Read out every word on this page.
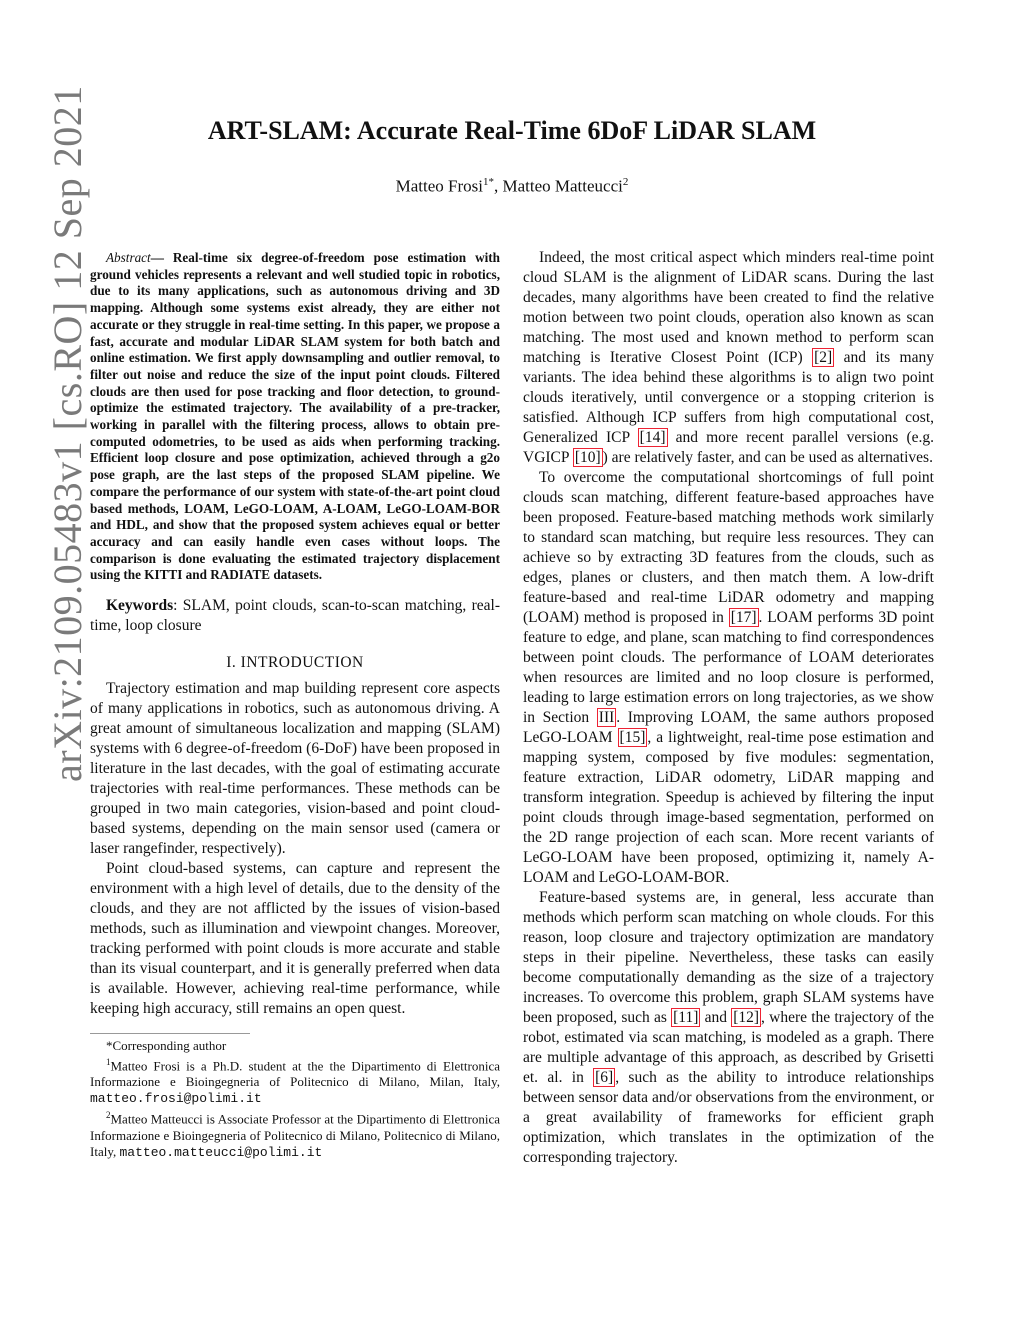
arXiv:2109.05483v1 [cs.RO] 12 Sep 2021	ART-SLAM: Accurate Real-Time 6DoF LiDAR SLAM
Matteo Frosi$^{1*}$, Matteo Matteucci$^2$

Abstract— Real-time six degree-of-freedom pose estimation with ground vehicles represents a relevant and well studied topic in robotics, due to its many applications, such as autonomous driving and 3D mapping. Although some systems exist already, they are either not accurate or they struggle in real-time setting. In this paper, we propose a fast, accurate and modular LiDAR SLAM system for both batch and online estimation. We first apply downsampling and outlier removal, to filter out noise and reduce the size of the input point clouds. Filtered clouds are then used for pose tracking and floor detection, to ground-optimize the estimated trajectory. The availability of a pre-tracker, working in parallel with the filtering process, allows to obtain pre-computed odometries, to be used as aids when performing tracking. Efficient loop closure and pose optimization, achieved through a g2o pose graph, are the last steps of the proposed SLAM pipeline. We compare the performance of our system with state-of-the-art point cloud based methods, LOAM, LeGO-LOAM, A-LOAM, LeGO-LOAM-BOR and HDL, and show that the proposed system achieves equal or better accuracy and can easily handle even cases without loops. The comparison is done evaluating the estimated trajectory displacement using the KITTI and RADIATE datasets.

Keywords: SLAM, point clouds, scan-to-scan matching, real-time, loop closure

I. INTRODUCTION

Trajectory estimation and map building represent core aspects of many applications in robotics, such as autonomous driving. A great amount of simultaneous localization and mapping (SLAM) systems with 6 degree-of-freedom (6-DoF) have been proposed in literature in the last decades, with the goal of estimating accurate trajectories with real-time performances. These methods can be grouped in two main categories, vision-based and point cloud-based systems, depending on the main sensor used (camera or laser rangefinder, respectively).

Point cloud-based systems, can capture and represent the environment with a high level of details, due to the density of the clouds, and they are not afflicted by the issues of vision-based methods, such as illumination and viewpoint changes. Moreover, tracking performed with point clouds is more accurate and stable than its visual counterpart, and it is generally preferred when data is available. However, achieving real-time performance, while keeping high accuracy, still remains an open quest.

*Corresponding author

$^1$Matteo Frosi is a Ph.D. student at the the Dipartimento di Elettronica Informazione e Bioingegneria of Politecnico di Milano, Milan, Italy, matteo.frosi@polimi.it

$^2$Matteo Matteucci is Associate Professor at the Dipartimento di Elettronica Informazione e Bioingegneria of Politecnico di Milano, Politecnico di Milano, Italy, matteo.matteucci@polimi.it

Indeed, the most critical aspect which minders real-time point cloud SLAM is the alignment of LiDAR scans. During the last decades, many algorithms have been created to find the relative motion between two point clouds, operation also known as scan matching. The most used and known method to perform scan matching is Iterative Closest Point (ICP) [2] and its many variants. The idea behind these algorithms is to align two point clouds iteratively, until convergence or a stopping criterion is satisfied. Although ICP suffers from high computational cost, Generalized ICP [14] and more recent parallel versions (e.g. VGICP [10] ) are relatively faster, and can be used as alternatives.

To overcome the computational shortcomings of full point clouds scan matching, different feature-based approaches have been proposed. Feature-based matching methods work similarly to standard scan matching, but require less resources. They can achieve so by extracting 3D features from the clouds, such as edges, planes or clusters, and then match them. A low-drift feature-based and real-time LiDAR odometry and mapping (LOAM) method is proposed in [17] . LOAM performs 3D point feature to edge, and plane, scan matching to find correspondences between point clouds. The performance of LOAM deteriorates when resources are limited and no loop closure is performed, leading to large estimation errors on long trajectories, as we show in Section III . Improving LOAM, the same authors proposed LeGO-LOAM [15] , a lightweight, real-time pose estimation and mapping system, composed by five modules: segmentation, feature extraction, LiDAR odometry, LiDAR mapping and transform integration. Speedup is achieved by filtering the input point clouds through image-based segmentation, performed on the 2D range projection of each scan. More recent variants of LeGO-LOAM have been proposed, optimizing it, namely A-LOAM and LeGO-LOAM-BOR.

Feature-based systems are, in general, less accurate than methods which perform scan matching on whole clouds. For this reason, loop closure and trajectory optimization are mandatory steps in their pipeline. Nevertheless, these tasks can easily become computationally demanding as the size of a trajectory increases. To overcome this problem, graph SLAM systems have been proposed, such as [11] and [12] , where the trajectory of the robot, estimated via scan matching, is modeled as a graph. There are multiple advantage of this approach, as described by Grisetti et. al. in [6] , such as the ability to introduce relationships between sensor data and/or observations from the environment, or a great availability of frameworks for efficient graph optimization, which translates in the optimization of the corresponding trajectory.
